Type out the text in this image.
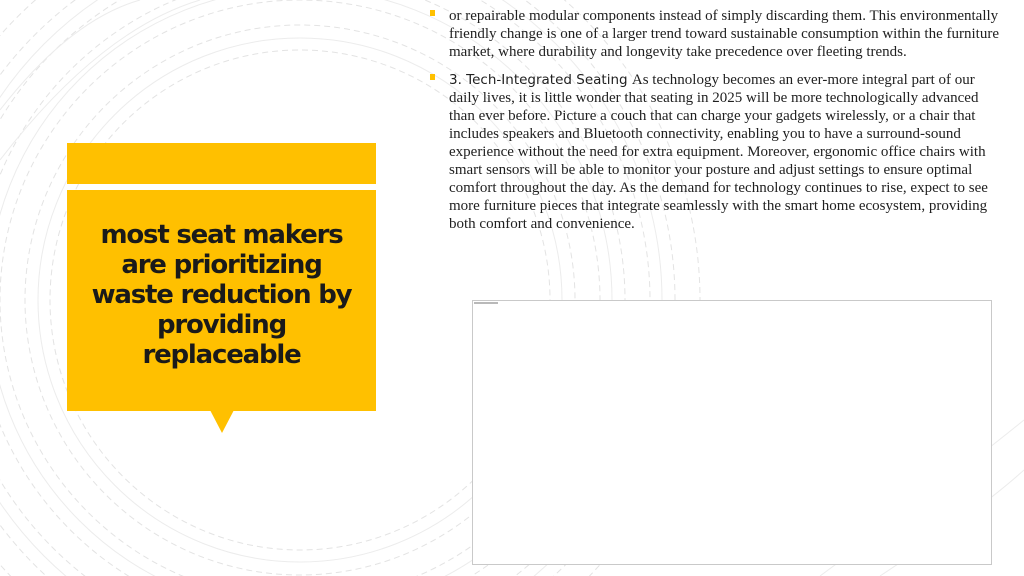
most seat makers are prioritizing waste reduction by providing replaceable
or repairable modular components instead of simply discarding them. This environmentally friendly change is one of a larger trend toward sustainable consumption within the furniture market, where durability and longevity take precedence over fleeting trends.
3. Tech-Integrated Seating As technology becomes an ever-more integral part of our daily lives, it is little wonder that seating in 2025 will be more technologically advanced than ever before. Picture a couch that can charge your gadgets wirelessly, or a chair that includes speakers and Bluetooth connectivity, enabling you to have a surround-sound experience without the need for extra equipment. Moreover, ergonomic office chairs with smart sensors will be able to monitor your posture and adjust settings to ensure optimal comfort throughout the day. As the demand for technology continues to rise, expect to see more furniture pieces that integrate seamlessly with the smart home ecosystem, providing both comfort and convenience.
